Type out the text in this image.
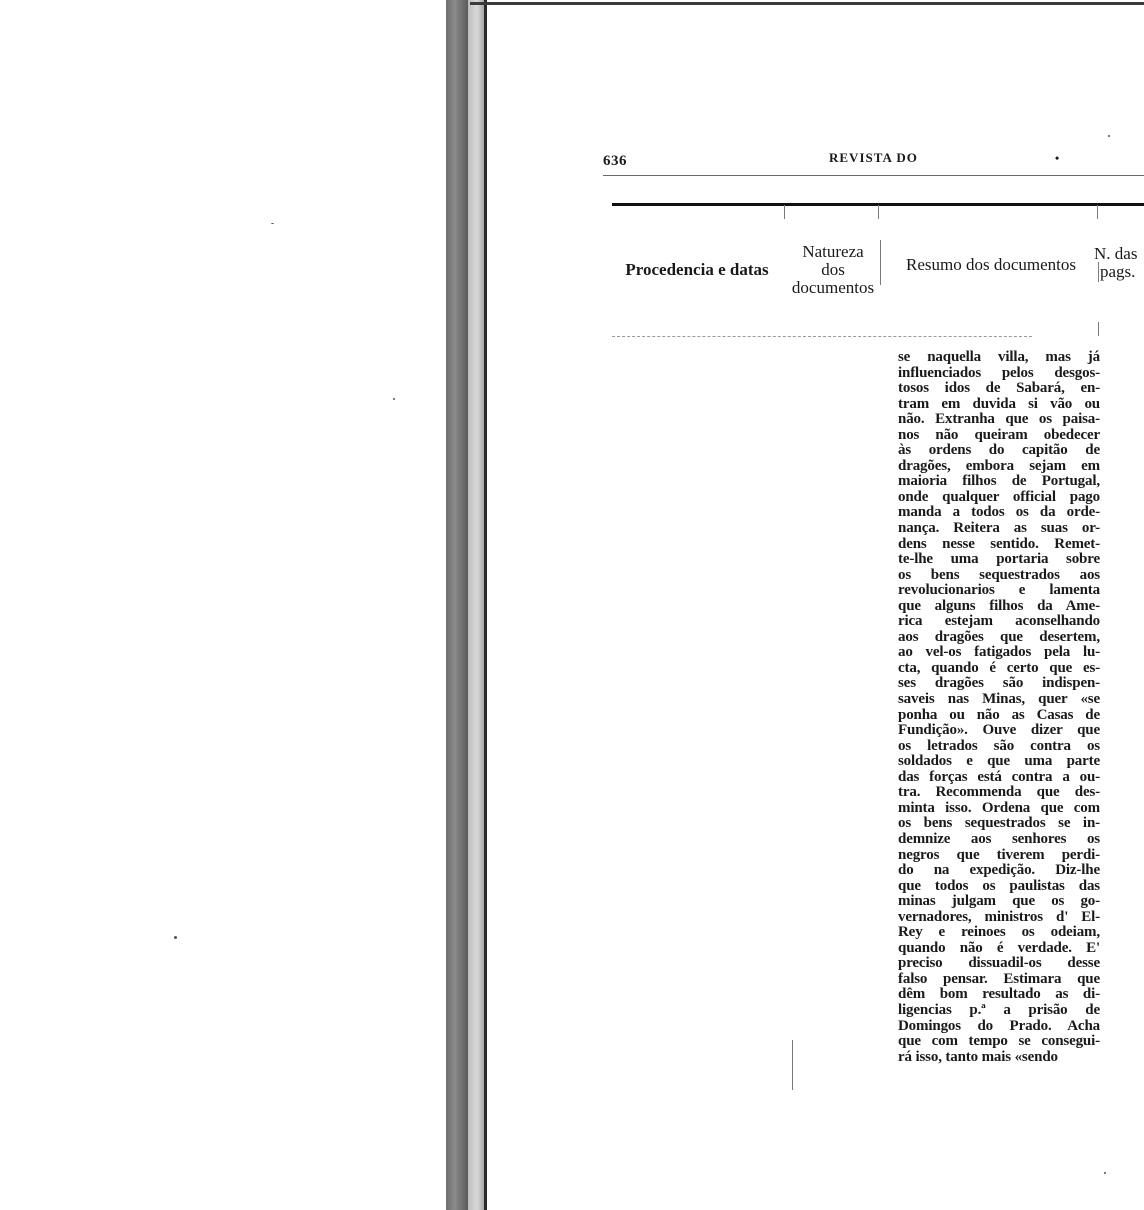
636	REVISTA DO	•
Procedencia e datas
Natureza
dos
documentos
Resumo dos documentos
N. das
pags.
se naquella villa, mas já
influenciados pelos desgos-
tosos idos de Sabará, en-
tram em duvida si vão ou
não. Extranha que os paisa-
nos não queiram obedecer
às ordens do capitão de
dragões, embora sejam em
maioria filhos de Portugal,
onde qualquer official pago
manda a todos os da orde-
nança. Reitera as suas or-
dens nesse sentido. Remet-
te-lhe uma portaria sobre
os bens sequestrados aos
revolucionarios e lamenta
que alguns filhos da Ame-
rica estejam aconselhando
aos dragões que desertem,
ao vel-os fatigados pela lu-
cta, quando é certo que es-
ses dragões são indispen-
saveis nas Minas, quer «se
ponha ou não as Casas de
Fundição». Ouve dizer que
os letrados são contra os
soldados e que uma parte
das forças está contra a ou-
tra. Recommenda que des-
minta isso. Ordena que com
os bens sequestrados se in-
demnize aos senhores os
negros que tiverem perdi-
do na expedição. Diz-lhe
que todos os paulistas das
minas julgam que os go-
vernadores, ministros d' El-
Rey e reinoes os odeiam,
quando não é verdade. E'
preciso dissuadil-os desse
falso pensar. Estimara que
dêm bom resultado as di-
ligencias p.ª a prisão de
Domingos do Prado. Acha
que com tempo se consegui-
rá isso, tanto mais «sendo
